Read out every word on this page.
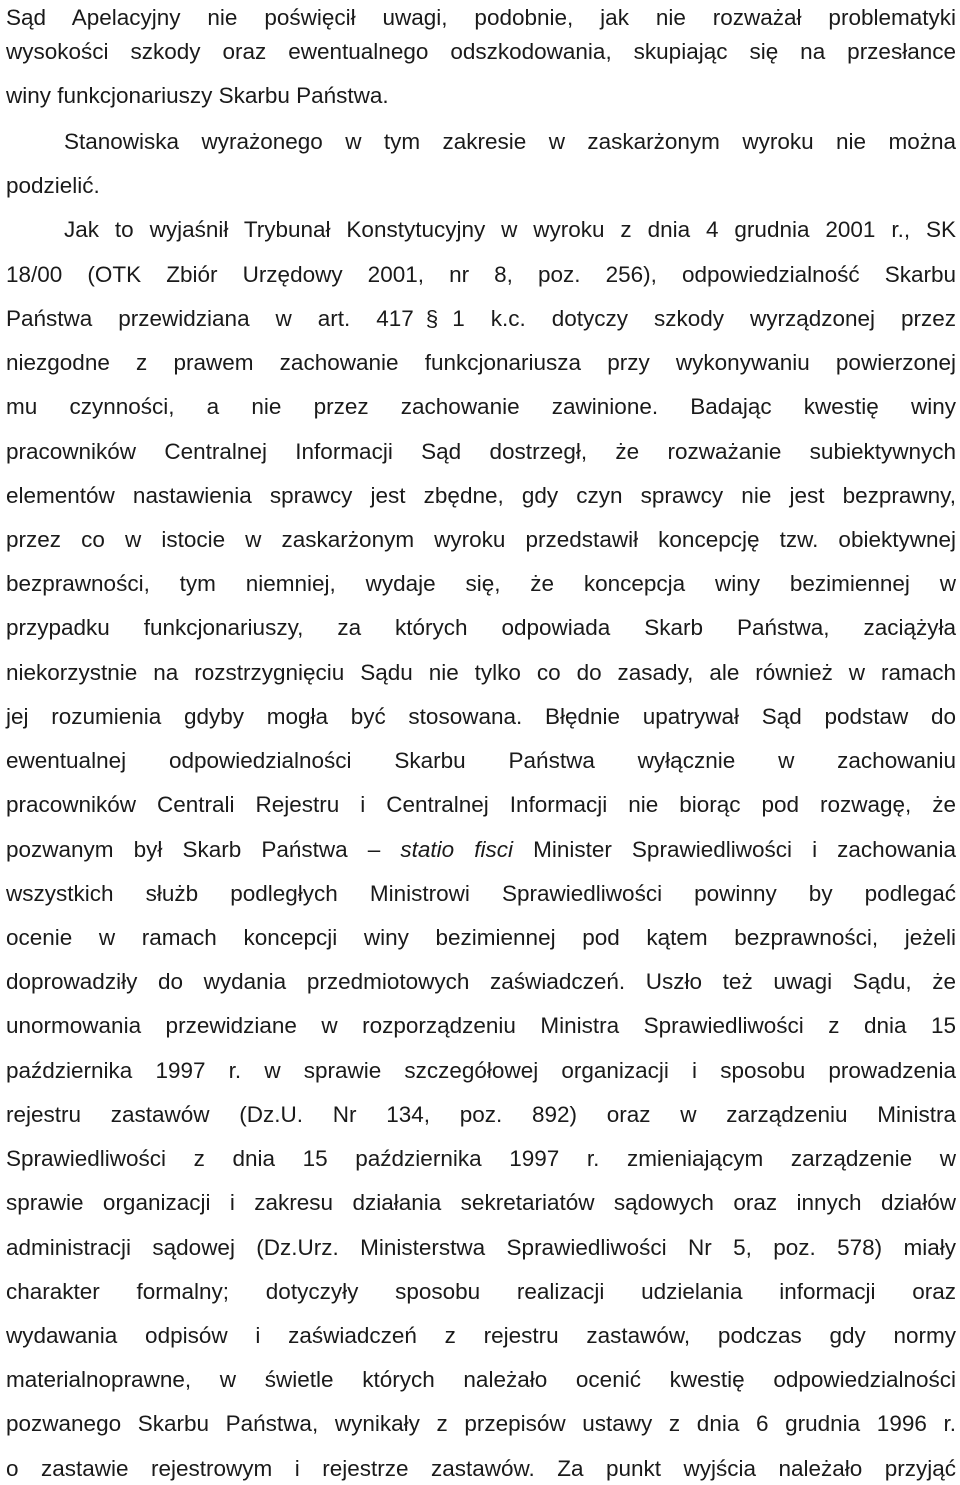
Sąd Apelacyjny nie poświęcił uwagi, podobnie, jak nie rozważał problematyki
wysokości szkody oraz ewentualnego odszkodowania, skupiając się na przesłance
winy funkcjonariuszy Skarbu Państwa.
Stanowiska wyrażonego w tym zakresie w zaskarżonym wyroku nie można
podzielić.
Jak to wyjaśnił Trybunał Konstytucyjny w wyroku z dnia 4 grudnia 2001 r., SK
18/00 (OTK Zbiór Urzędowy 2001, nr 8, poz. 256), odpowiedzialność Skarbu
Państwa przewidziana w art. 417 § 1 k.c. dotyczy szkody wyrządzonej przez
niezgodne z prawem zachowanie funkcjonariusza przy wykonywaniu powierzonej
mu czynności, a nie przez zachowanie zawinione. Badając kwestię winy
pracowników Centralnej Informacji Sąd dostrzegł, że rozważanie subiektywnych
elementów nastawienia sprawcy jest zbędne, gdy czyn sprawcy nie jest bezprawny,
przez co w istocie w zaskarżonym wyroku przedstawił koncepcję tzw. obiektywnej
bezprawności, tym niemniej, wydaje się, że koncepcja winy bezimiennej w
przypadku funkcjonariuszy, za których odpowiada Skarb Państwa, zaciążyła
niekorzystnie na rozstrzygnięciu Sądu nie tylko co do zasady, ale również w ramach
jej rozumienia gdyby mogła być stosowana. Błędnie upatrywał Sąd podstaw do
ewentualnej odpowiedzialności Skarbu Państwa wyłącznie w zachowaniu
pracowników Centrali Rejestru i Centralnej Informacji nie biorąc pod rozwagę, że
pozwanym był Skarb Państwa – statio fisci Minister Sprawiedliwości i zachowania
wszystkich służb podległych Ministrowi Sprawiedliwości powinny by podlegać
ocenie w ramach koncepcji winy bezimiennej pod kątem bezprawności, jeżeli
doprowadziły do wydania przedmiotowych zaświadczeń. Uszło też uwagi Sądu, że
unormowania przewidziane w rozporządzeniu Ministra Sprawiedliwości z dnia 15
października 1997 r. w sprawie szczegółowej organizacji i sposobu prowadzenia
rejestru zastawów (Dz.U. Nr 134, poz. 892) oraz w zarządzeniu Ministra
Sprawiedliwości z dnia 15 października 1997 r. zmieniającym zarządzenie w
sprawie organizacji i zakresu działania sekretariatów sądowych oraz innych działów
administracji sądowej (Dz.Urz. Ministerstwa Sprawiedliwości Nr 5, poz. 578) miały
charakter formalny; dotyczyły sposobu realizacji udzielania informacji oraz
wydawania odpisów i zaświadczeń z rejestru zastawów, podczas gdy normy
materialnoprawne, w świetle których należało ocenić kwestię odpowiedzialności
pozwanego Skarbu Państwa, wynikały z przepisów ustawy z dnia 6 grudnia 1996 r.
o zastawie rejestrowym i rejestrze zastawów. Za punkt wyjścia należało przyjąć
